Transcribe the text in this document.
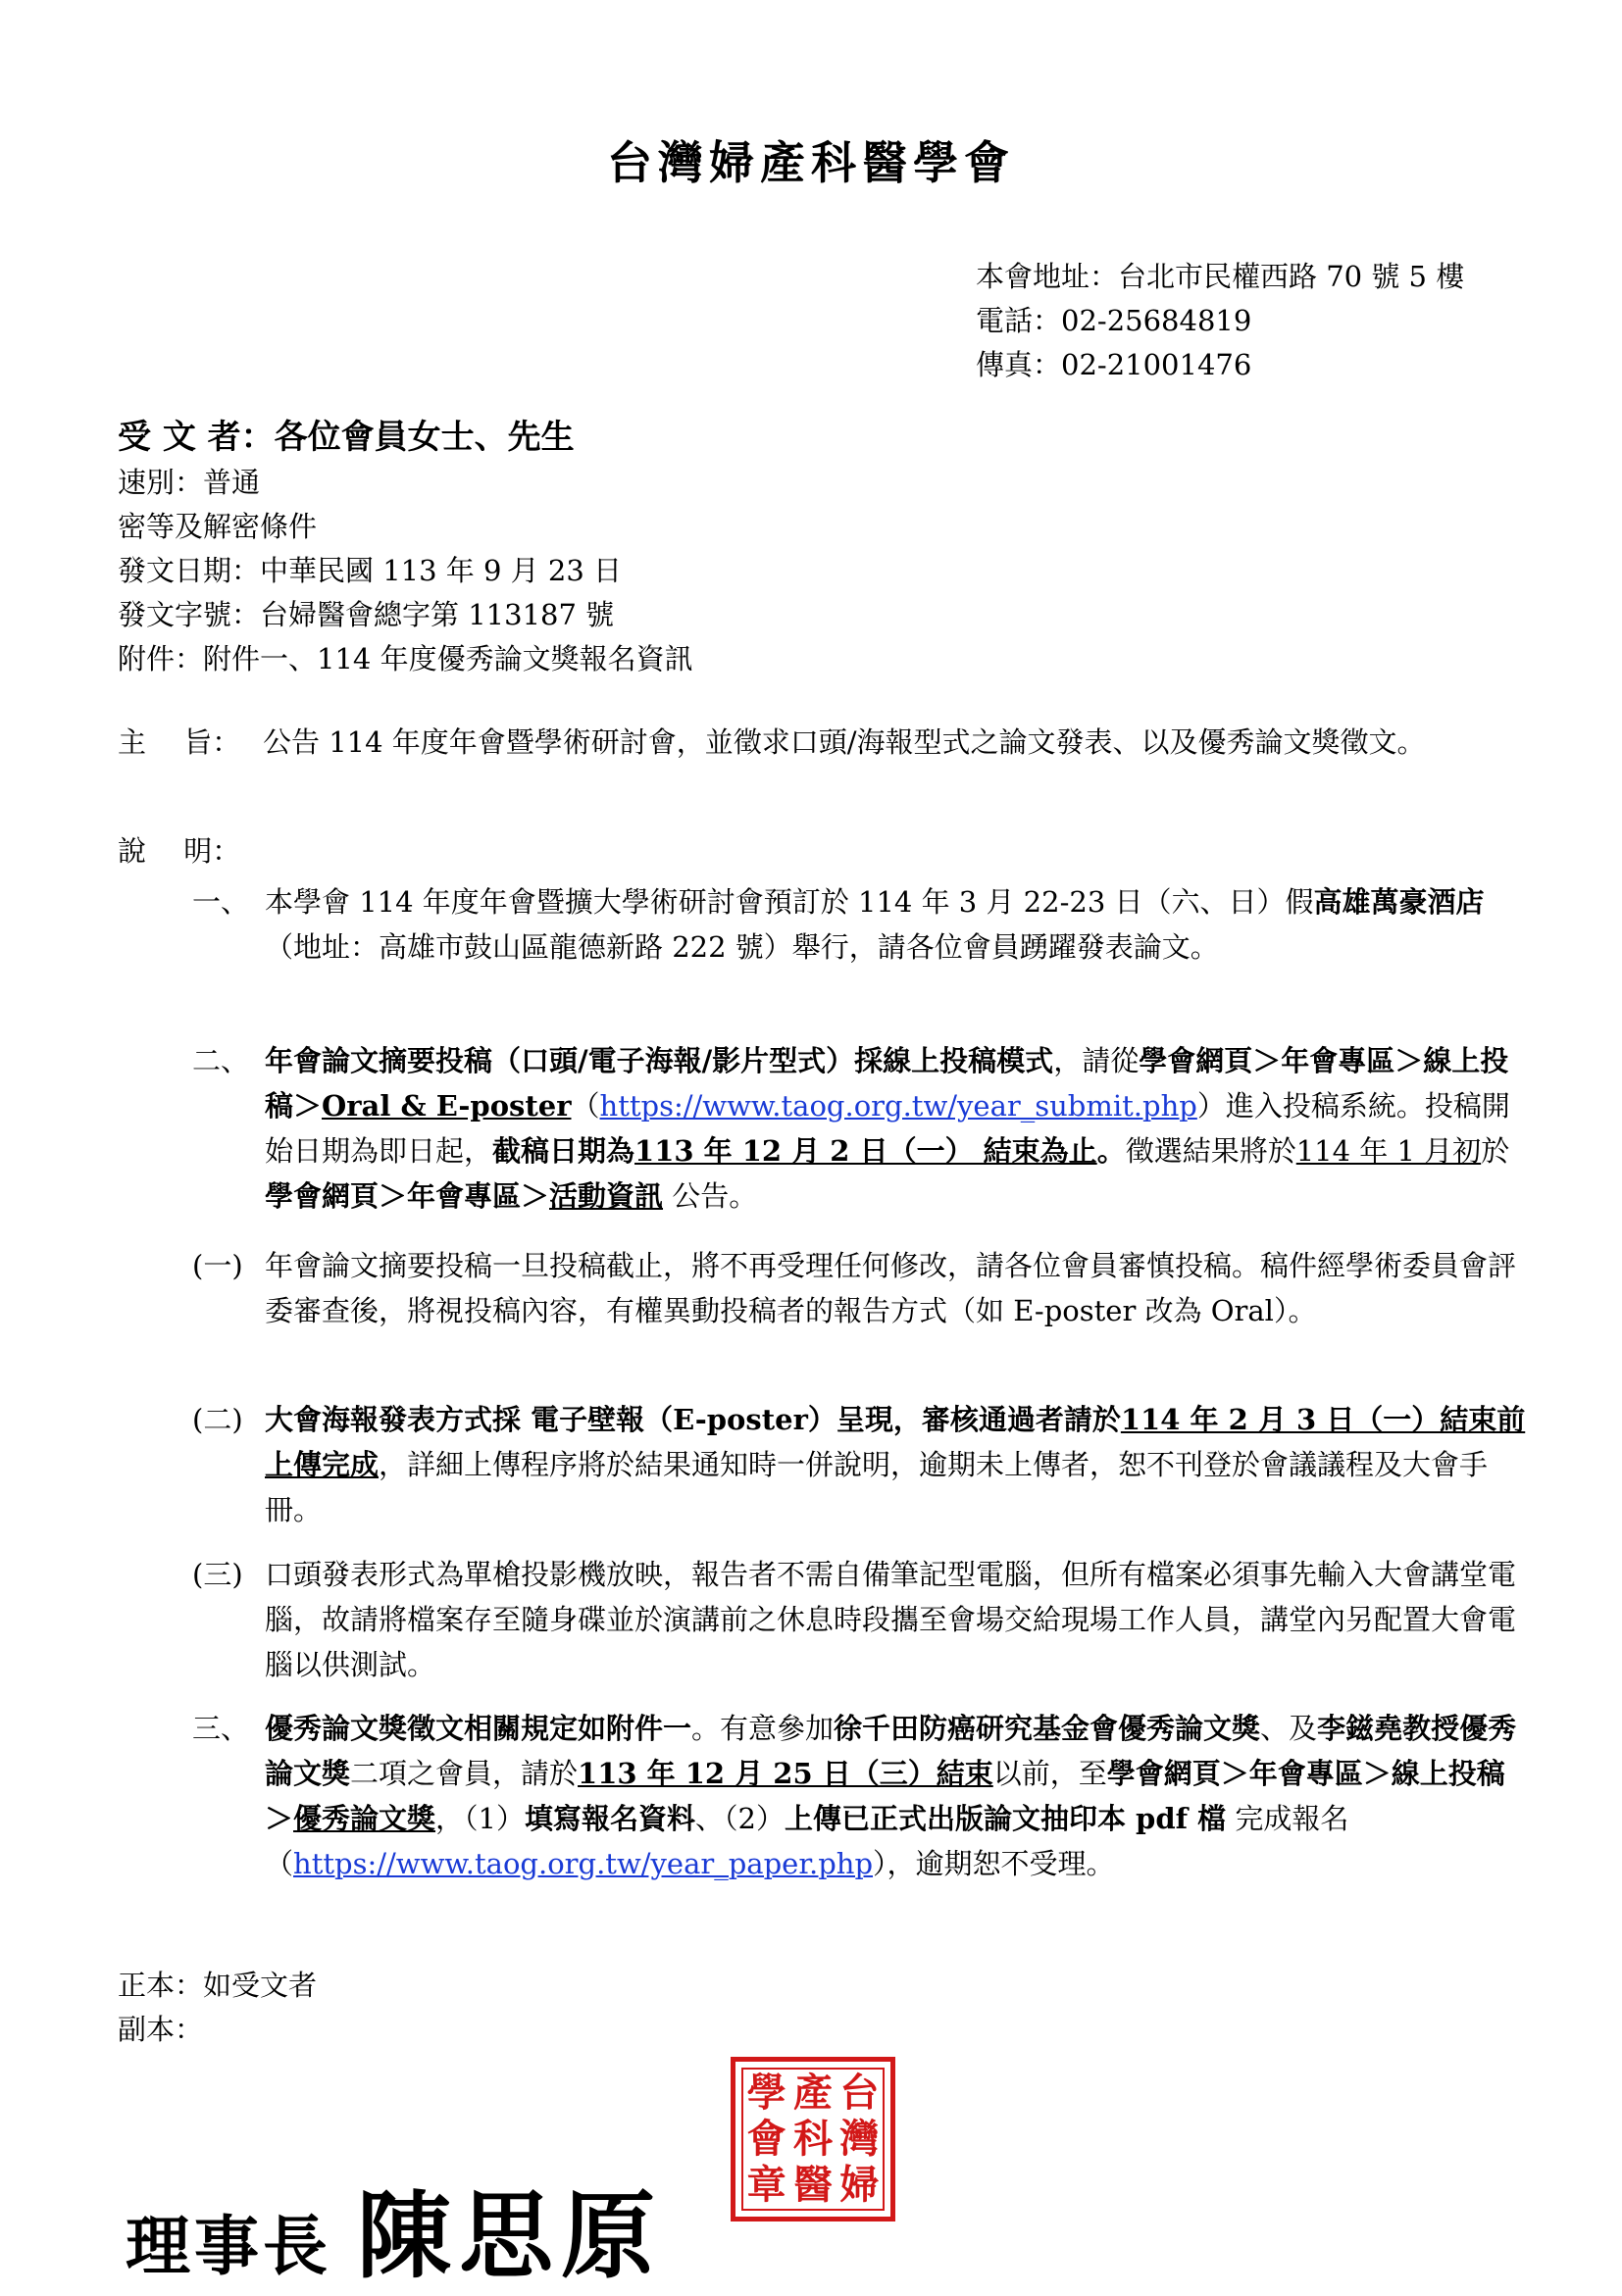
台灣婦產科醫學會
本會地址：台北市民權西路 70 號 5 樓
電話：02-25684819
傳真：02-21001476
受 文 者：各位會員女士、先生
速別：普通
密等及解密條件
發文日期：中華民國 113 年 9 月 23 日
發文字號：台婦醫會總字第 113187 號
附件：附件一、114 年度優秀論文獎報名資訊
主　 旨： 公告 114 年度年會暨學術研討會，並徵求口頭/海報型式之論文發表、以及優秀論文獎徵文。
說　 明：
一、 本學會 114 年度年會暨擴大學術研討會預訂於 114 年 3 月 22-23 日（六、日）假高雄萬豪酒店（地址：高雄市鼓山區龍德新路 222 號）舉行，請各位會員踴躍發表論文。
二、 年會論文摘要投稿（口頭/電子海報/影片型式）採線上投稿模式，請從學會網頁＞年會專區＞線上投稿＞Oral & E-poster（https://www.taog.org.tw/year_submit.php）進入投稿系統。投稿開始日期為即日起，截稿日期為113 年 12 月 2 日（一） 結束為止。徵選結果將於114 年 1 月初於學會網頁＞年會專區＞活動資訊 公告。
(一) 年會論文摘要投稿一旦投稿截止，將不再受理任何修改，請各位會員審慎投稿。稿件經學術委員會評委審查後，將視投稿內容，有權異動投稿者的報告方式（如 E-poster 改為 Oral）。
(二) 大會海報發表方式採 電子壁報（E-poster）呈現，審核通過者請於114 年 2 月 3 日（一）結束前上傳完成，詳細上傳程序將於結果通知時一併說明，逾期未上傳者，恕不刊登於會議議程及大會手冊。
(三) 口頭發表形式為單槍投影機放映，報告者不需自備筆記型電腦，但所有檔案必須事先輸入大會講堂電腦，故請將檔案存至隨身碟並於演講前之休息時段攜至會場交給現場工作人員，講堂內另配置大會電腦以供測試。
三、 優秀論文獎徵文相關規定如附件一。有意參加徐千田防癌研究基金會優秀論文獎、及李鎡堯教授優秀論文獎二項之會員，請於113 年 12 月 25 日（三）結束以前，至學會網頁＞年會專區＞線上投稿＞優秀論文獎，（1）填寫報名資料、（2）上傳已正式出版論文抽印本 pdf 檔 完成報名（https://www.taog.org.tw/year_paper.php），逾期恕不受理。
正本：如受文者
副本：
理事長 陳思原
學 產 台
會 科 灣
章 醫 婦
